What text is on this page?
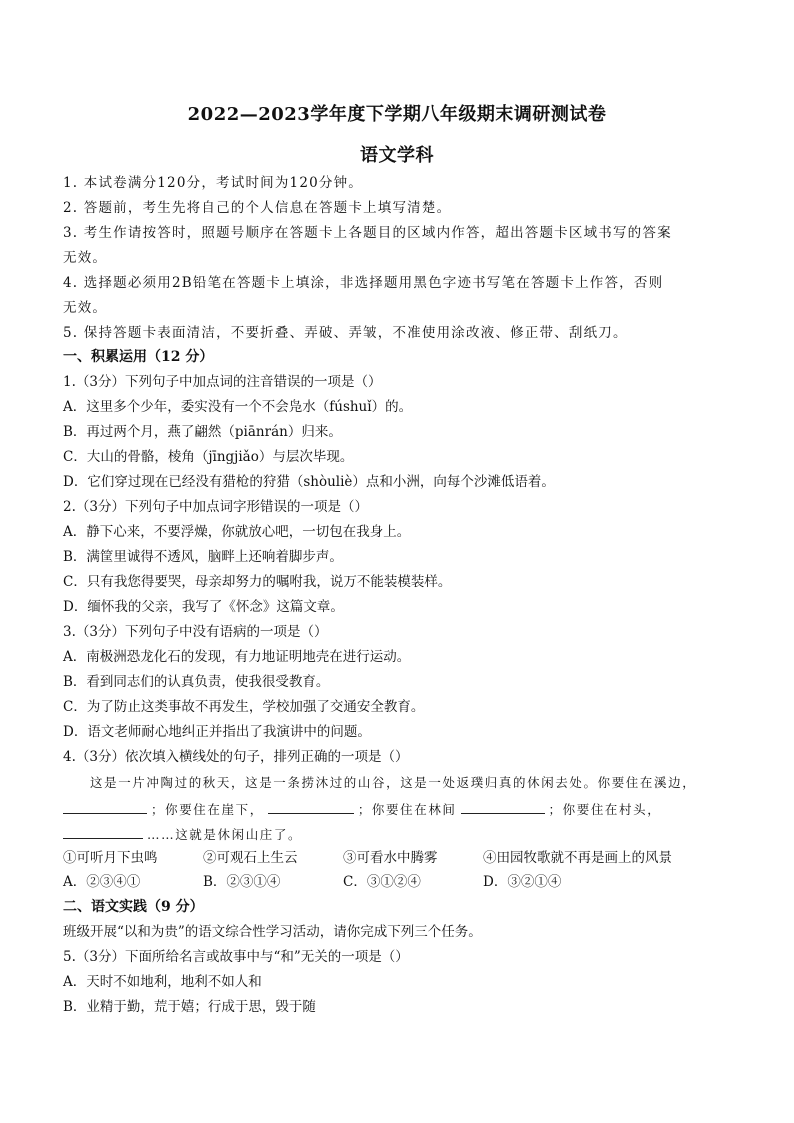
2022—2023学年度下学期八年级期末调研测试卷
语文学科
1. 本试卷满分120分，考试时间为120分钟。
2. 答题前，考生先将自己的个人信息在答题卡上填写清楚。
3. 考生作请按答时，照题号顺序在答题卡上各题目的区域内作答，超出答题卡区域书写的答案
无效。
4. 选择题必须用2B铅笔在答题卡上填涂，非选择题用黑色字迹书写笔在答题卡上作答，否则
无效。
5. 保持答题卡表面清洁，不要折叠、弄破、弄皱，不准使用涂改液、修正带、刮纸刀。
一、积累运用（12 分）
1.（3分）下列句子中加点词的注音错误的一项是（）
A．这里多个少年，委实没有一个不会凫水（fúshuǐ）的。
B．再过两个月，燕了翩然（piānrán）归来。
C．大山的骨骼，棱角（jīngjiǎo）与层次毕现。
D．它们穿过现在已经没有猎枪的狩猎（shòuliè）点和小洲，向每个沙滩低语着。
2.（3分）下列句子中加点词字形错误的一项是（）
A．静下心来，不要浮燥，你就放心吧，一切包在我身上。
B．满筐里诚得不透风，脑畔上还响着脚步声。
C．只有我您得要哭，母亲却努力的嘱咐我，说万不能装模装样。
D．缅怀我的父亲，我写了《怀念》这篇文章。
3.（3分）下列句子中没有语病的一项是（）
A．南极洲恐龙化石的发现，有力地证明地壳在进行运动。
B．看到同志们的认真负责，使我很受教育。
C．为了防止这类事故不再发生，学校加强了交通安全教育。
D．语文老师耐心地纠正并指出了我演讲中的问题。
4.（3分）依次填入横线处的句子，排列正确的一项是（）
这是一片冲陶过的秋天，这是一条捞沐过的山谷，这是一处返璞归真的休闲去处。你要住在溪边，
；你要住在崖下，	；你要住在林间	；你要住在村头，
……这就是休闲山庄了。
①可听月下虫鸣	②可观石上生云	③可看水中腾雾	④田园牧歌就不再是画上的风景
A．②③④①	B．②③①④	C．③①②④	D．③②①④
二、语文实践（9 分）
班级开展“以和为贵”的语文综合性学习活动，请你完成下列三个任务。
5.（3分）下面所给名言或故事中与“和”无关的一项是（）
A．天时不如地利，地利不如人和
B．业精于勤，荒于嬉；行成于思，毁于随
